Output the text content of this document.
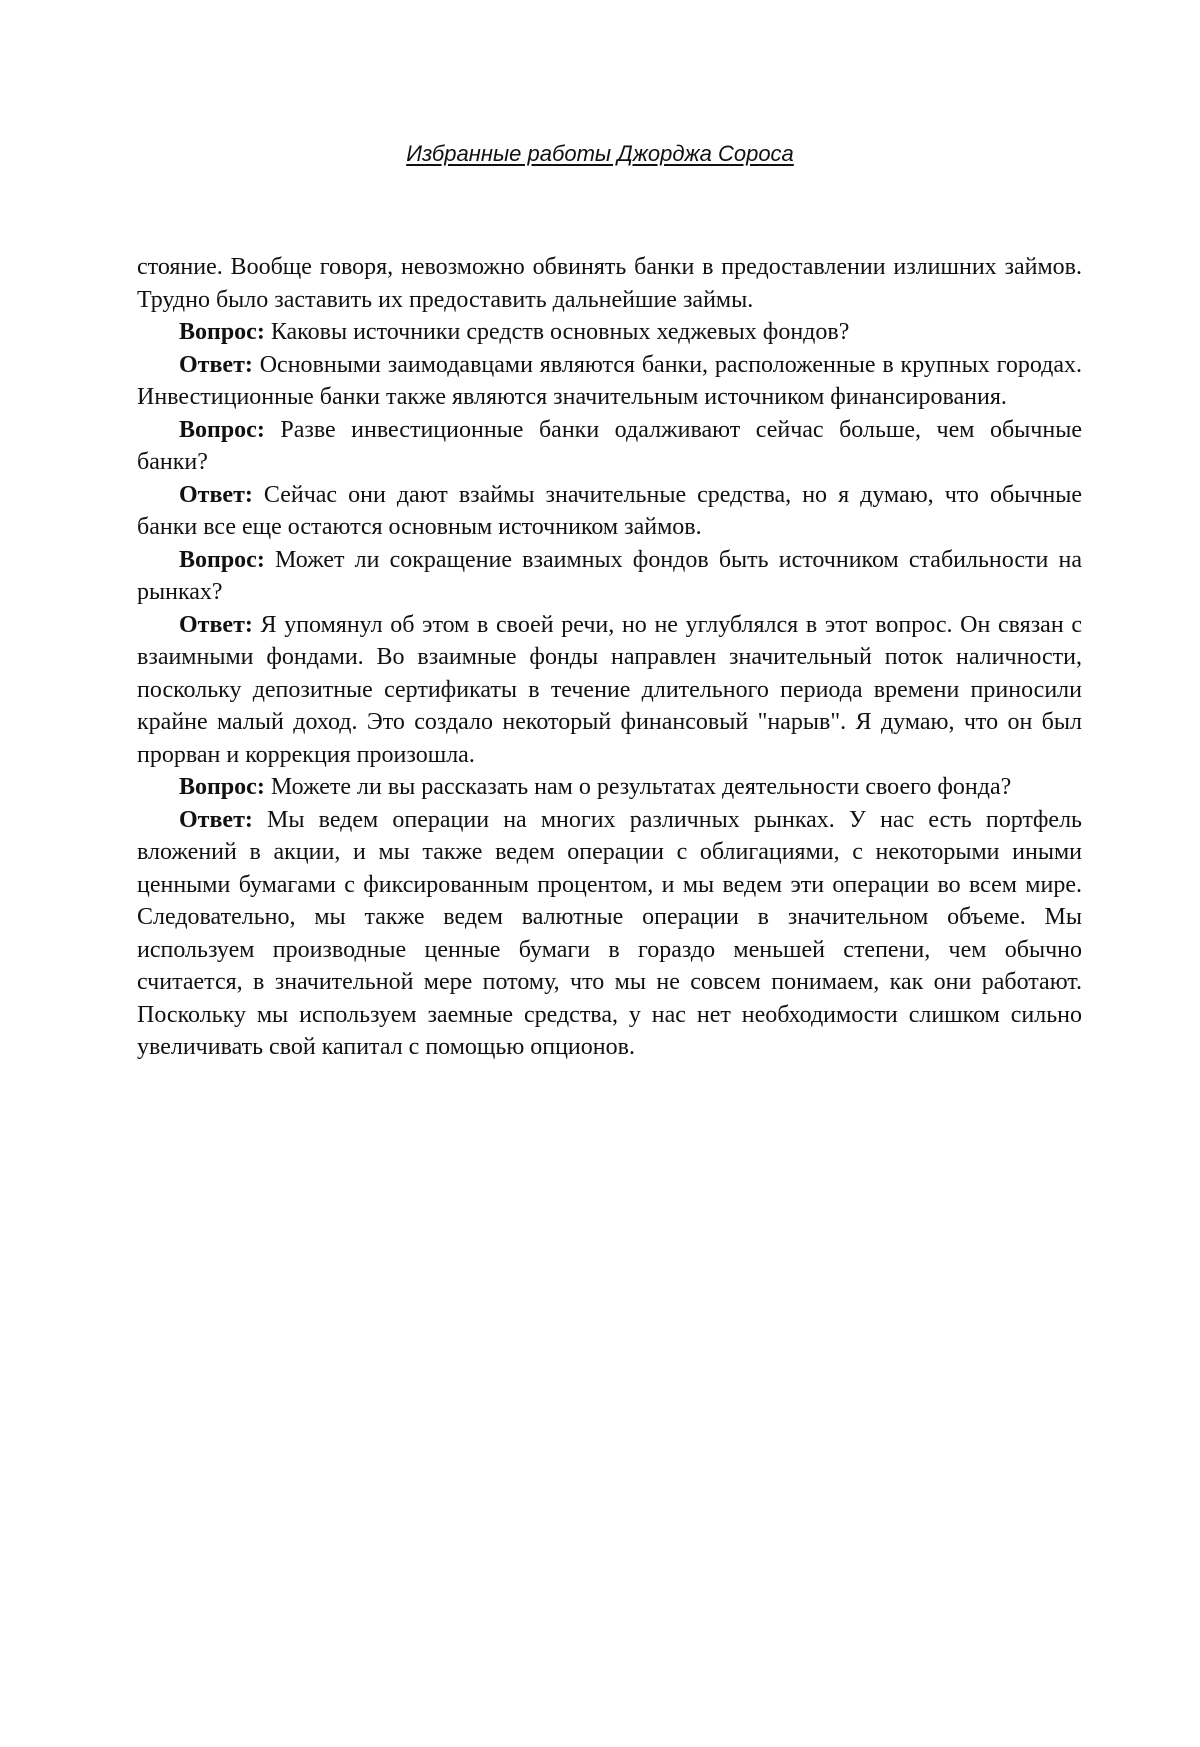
Избранные работы Джорджа Сороса

стояние. Вообще говоря, невозможно обвинять банки в предоставлении излишних займов. Трудно было заставить их предоставить дальнейшие займы.

Вопрос: Каковы источники средств основных хеджевых фондов?

Ответ: Основными заимодавцами являются банки, расположенные в крупных городах. Инвестиционные банки также являются значительным источником финансирования.

Вопрос: Разве инвестиционные банки одалживают сейчас больше, чем обычные банки?

Ответ: Сейчас они дают взаймы значительные средства, но я думаю, что обычные банки все еще остаются основным источником займов.

Вопрос: Может ли сокращение взаимных фондов быть источником стабильности на рынках?

Ответ: Я упомянул об этом в своей речи, но не углублялся в этот вопрос. Он связан с взаимными фондами. Во взаимные фонды направлен значительный поток наличности, поскольку депозитные сертификаты в течение длительного периода времени приносили крайне малый доход. Это создало некоторый финансовый "нарыв". Я думаю, что он был прорван и коррекция произошла.

Вопрос: Можете ли вы рассказать нам о результатах деятельности своего фонда?

Ответ: Мы ведем операции на многих различных рынках. У нас есть портфель вложений в акции, и мы также ведем операции с облигациями, с некоторыми иными ценными бумагами с фиксированным процентом, и мы ведем эти операции во всем мире. Следовательно, мы также ведем валютные операции в значительном объеме. Мы используем производные ценные бумаги в гораздо меньшей степени, чем обычно считается, в значительной мере потому, что мы не совсем понимаем, как они работают. Поскольку мы используем заемные средства, у нас нет необходимости слишком сильно увеличивать свой капитал с помощью опционов.
